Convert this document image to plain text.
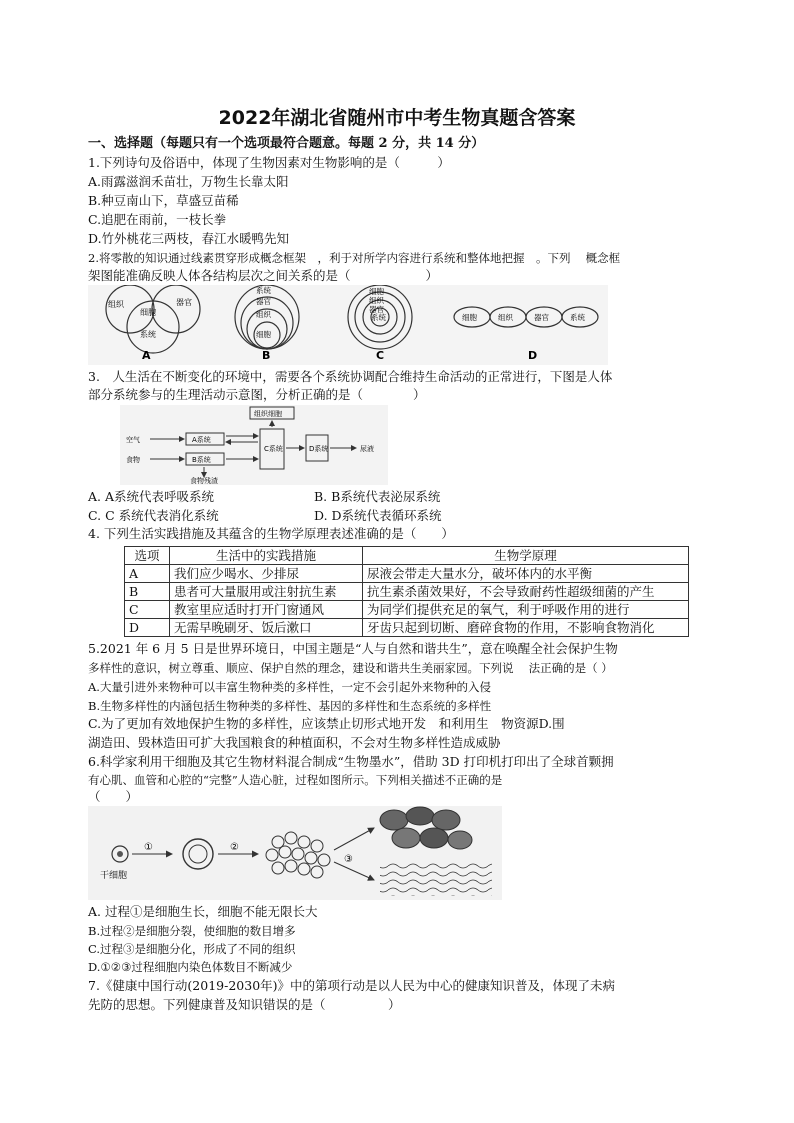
2022年湖北省随州市中考生物真题含答案
一、选择题（每题只有一个选项最符合题意。每题 2 分，共 14 分）
1.下列诗句及俗语中，体现了生物因素对生物影响的是（　　　）
A.雨露滋润禾苗壮，万物生长靠太阳
B.种豆南山下，草盛豆苗稀
C.追肥在雨前，一枝长拳
D.竹外桃花三两枝，春江水暖鸭先知
2.将零散的知识通过线素贯穿形成概念框架　，利于对所学内容进行系统和整体地把握　。下列　 概念框
架图能准确反映人体各结构层次之间关系的是（　　　　　　）
组织	器官
细胞
系统
A
系统
器官
组织
细胞
B
细胞
组织
器官
系统
C
细胞	组织	器官	系统
D
3.　人生活在不断变化的环境中，需要各个系统协调配合维持生命活动的正常进行，下图是人体
部分系统参与的生理活动示意图，分析正确的是（　　　　）
组织细胞
空气
食物
A系统
B系统
C系统	D系统	尿液
食物残渣
A. A系统代表呼吸系统	B. B系统代表泌尿系统
C. C 系统代表消化系统	D. D系统代表循环系统
4. 下列生活实践措施及其蕴含的生物学原理表述准确的是（　　）
选项	生活中的实践措施	生物学原理
A	我们应少喝水、少排尿	尿液会带走大量水分，破坏体内的水平衡
B	患者可大量服用或注射抗生素	抗生素杀菌效果好，不会导致耐药性超级细菌的产生
C	教室里应适时打开门窗通风	为同学们提供充足的氧气，利于呼吸作用的进行
D	无需早晚刷牙、饭后漱口	牙齿只起到切断、磨碎食物的作用，不影响食物消化
5.2021 年 6 月 5 日是世界环境日，中国主题是“人与自然和谐共生”，意在唤醒全社会保护生物
多样性的意识，树立尊重、顺应、保护自然的理念，建设和谐共生美丽家园。下列说　 法正确的是（ ）
A.大量引进外来物种可以丰富生物种类的多样性，一定不会引起外来物种的入侵
B.生物多样性的内涵包括生物种类的多样性、基因的多样性和生态系统的多样性
C.为了更加有效地保护生物的多样性，应该禁止切形式地开发　和利用生　物资源D.围
湖造田、毁林造田可扩大我国粮食的种植面积，不会对生物多样性造成威胁
6.科学家利用干细胞及其它生物材料混合制成“生物墨水”，借助 3D 打印机打印出了全球首颗拥
有心肌、血管和心腔的“完整”人造心脏，过程如图所示。下列相关描述不正确的是
（　　）
干细胞
①	②
③
A. 过程①是细胞生长，细胞不能无限长大
B.过程②是细胞分裂，使细胞的数目增多
C.过程③是细胞分化，形成了不同的组织
D.①②③过程细胞内染色体数目不断减少
7.《健康中国行动(2019-2030年)》中的第项行动是以人民为中心的健康知识普及，体现了未病
先防的思想。下列健康普及知识错误的是（　　　　　）
